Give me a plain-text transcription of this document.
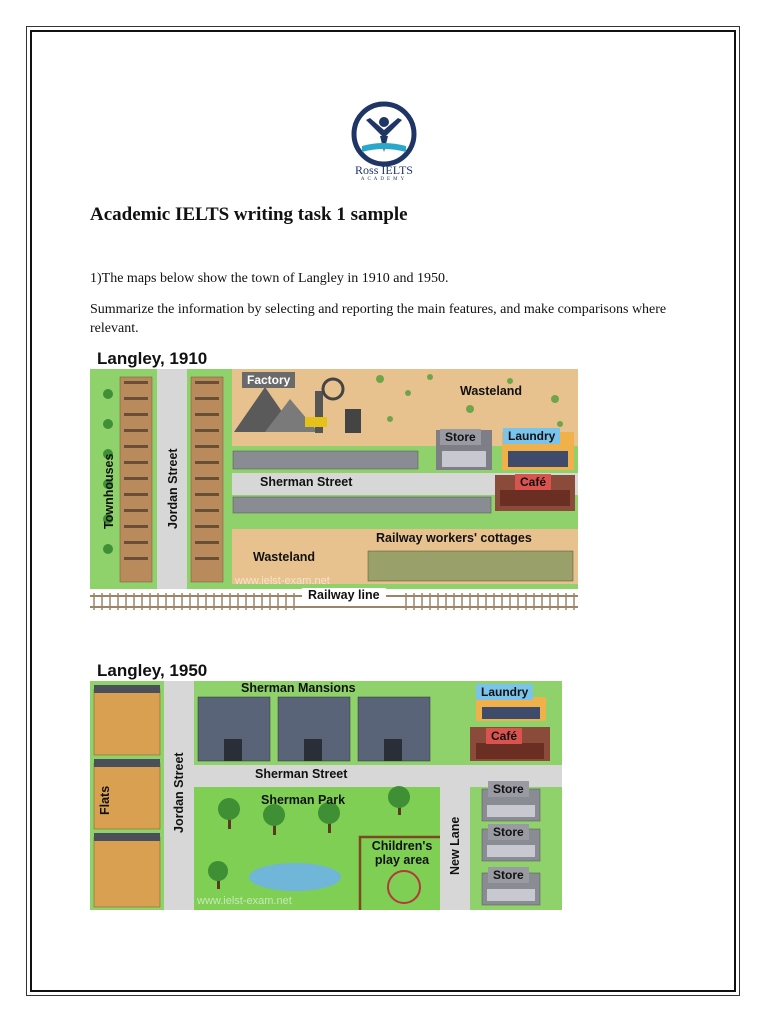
Ross IELTS
ACADEMY
Academic IELTS writing task 1 sample

1)The maps below show the town of Langley in 1910 and 1950.

Summarize the information by selecting and reporting the main features, and make comparisons where relevant.

Langley, 1910
Townhouses	Jordan Street
Factory
Wasteland
Store	Laundry
Sherman Street	Café
Wasteland
Railway workers' cottages
www.ielst-exam.net
Railway line
Langley, 1950
Flats	Jordan Street
Sherman Mansions	Laundry
Café
Sherman Street
Sherman Park
Children's play area	New Lane
Store
Store
Store
www.ielst-exam.net
